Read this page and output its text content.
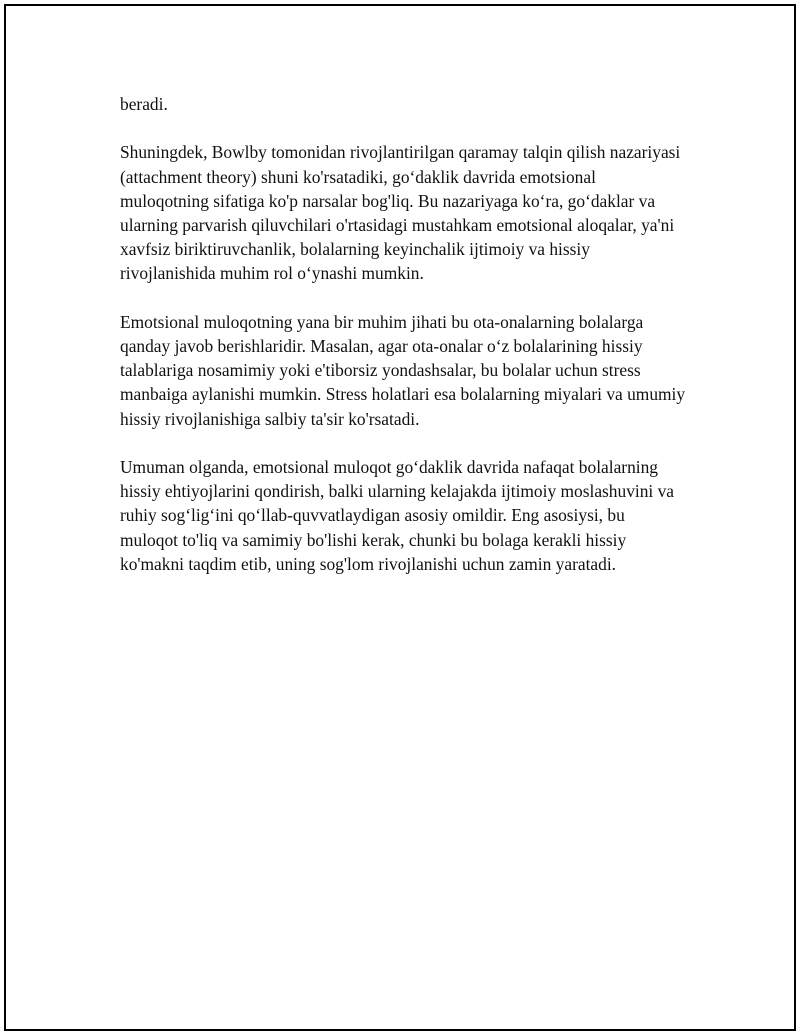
beradi.

Shuningdek, Bowlby tomonidan rivojlantirilgan qaramay talqin qilish nazariyasi (attachment theory) shuni ko'rsatadiki, go‘daklik davrida emotsional muloqotning sifatiga ko'p narsalar bog'liq. Bu nazariyaga ko‘ra, go‘daklar va ularning parvarish qiluvchilari o'rtasidagi mustahkam emotsional aloqalar, ya'ni xavfsiz biriktiruvchanlik, bolalarning keyinchalik ijtimoiy va hissiy rivojlanishida muhim rol o‘ynashi mumkin.

Emotsional muloqotning yana bir muhim jihati bu ota-onalarning bolalarga qanday javob berishlaridir. Masalan, agar ota-onalar o‘z bolalarining hissiy talablariga nosamimiy yoki e'tiborsiz yondashsalar, bu bolalar uchun stress manbaiga aylanishi mumkin. Stress holatlari esa bolalarning miyalari va umumiy hissiy rivojlanishiga salbiy ta'sir ko'rsatadi.

Umuman olganda, emotsional muloqot go‘daklik davrida nafaqat bolalarning hissiy ehtiyojlarini qondirish, balki ularning kelajakda ijtimoiy moslashuvini va ruhiy sog‘lig‘ini qo‘llab-quvvatlaydigan asosiy omildir. Eng asosiysi, bu muloqot to'liq va samimiy bo'lishi kerak, chunki bu bolaga kerakli hissiy ko'makni taqdim etib, uning sog'lom rivojlanishi uchun zamin yaratadi.
